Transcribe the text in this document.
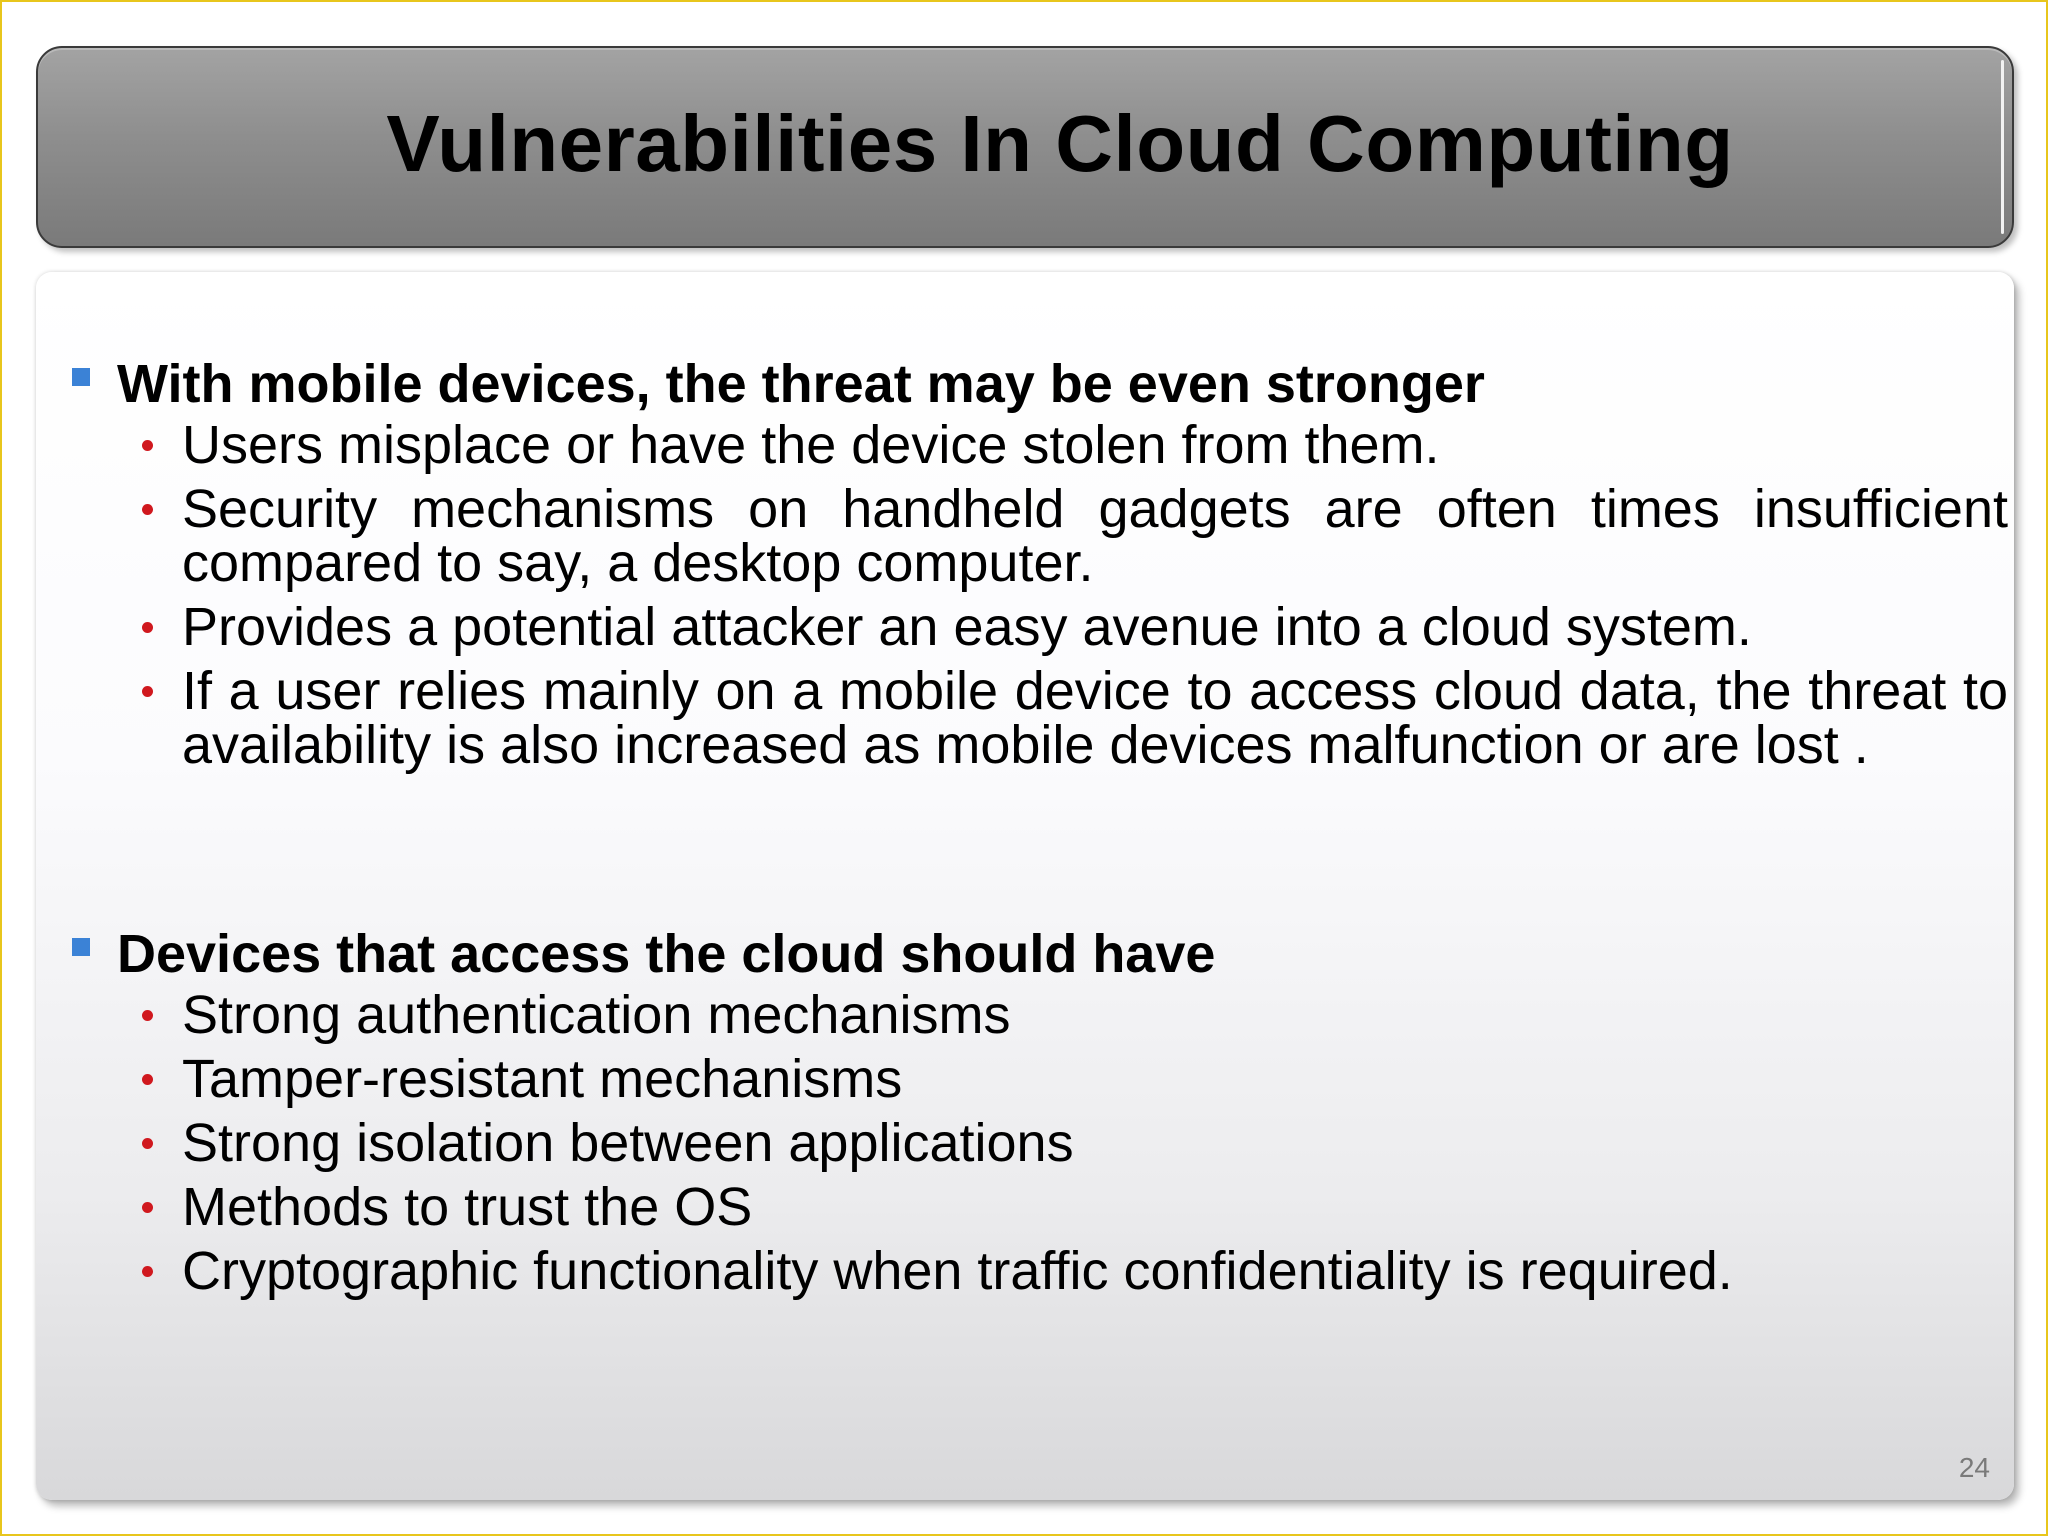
Vulnerabilities In Cloud Computing
With mobile devices, the threat may be even stronger
Users misplace or have the device stolen from them.
Security mechanisms on handheld gadgets are often times insufficient compared to say, a desktop computer.
Provides a potential attacker an easy avenue into a cloud system.
If a user relies mainly on a mobile device to access cloud data, the threat to availability is also increased as mobile devices malfunction or are lost .
Devices that access the cloud should have
Strong authentication mechanisms
Tamper-resistant mechanisms
Strong isolation between applications
Methods to trust the OS
Cryptographic functionality when traffic confidentiality is required.
24
